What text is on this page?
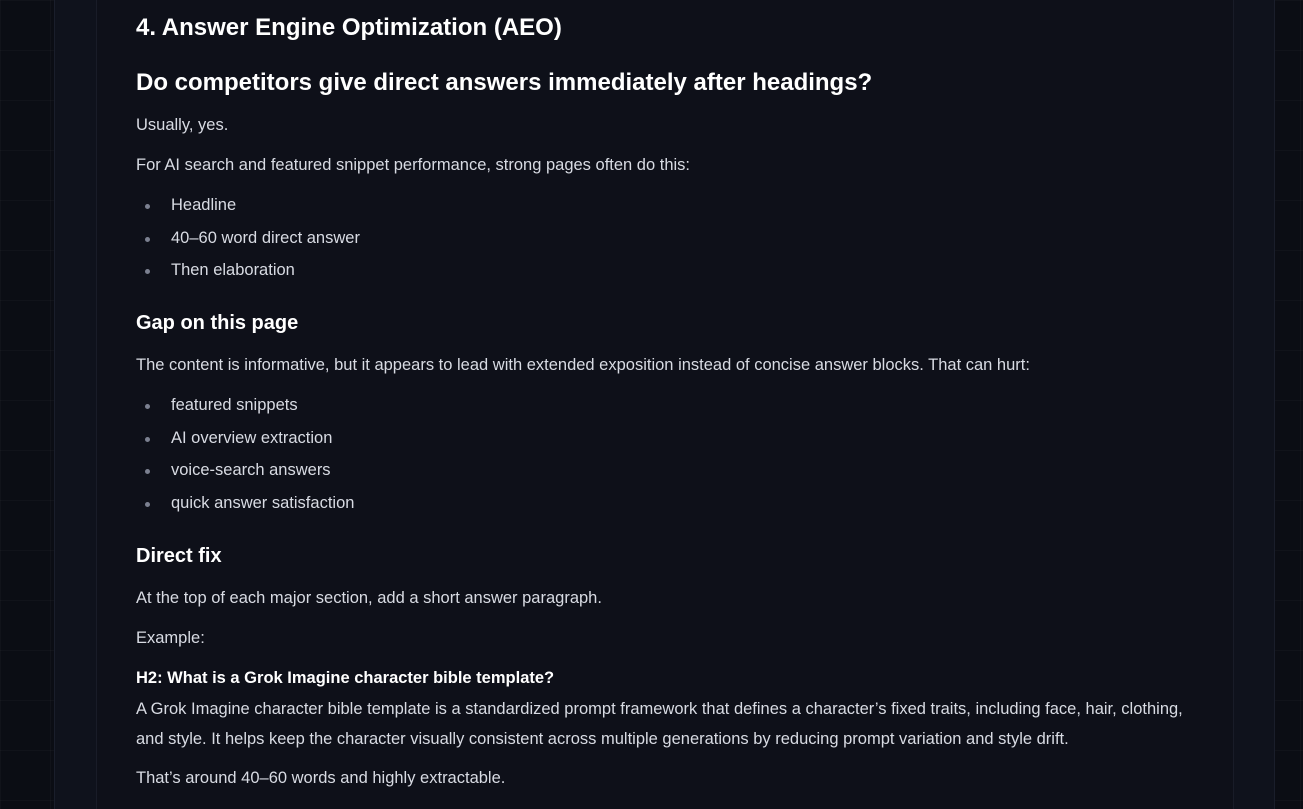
4. Answer Engine Optimization (AEO)
Do competitors give direct answers immediately after headings?

Usually, yes.

For AI search and featured snippet performance, strong pages often do this:

Headline
40–60 word direct answer
Then elaboration
Gap on this page

The content is informative, but it appears to lead with extended exposition instead of concise answer blocks. That can hurt:

featured snippets
AI overview extraction
voice-search answers
quick answer satisfaction
Direct fix

At the top of each major section, add a short answer paragraph.

Example:

H2: What is a Grok Imagine character bible template?

A Grok Imagine character bible template is a standardized prompt framework that defines a character’s fixed traits, including face, hair, clothing, and style. It helps keep the character visually consistent across multiple generations by reducing prompt variation and style drift.

That’s around 40–60 words and highly extractable.
